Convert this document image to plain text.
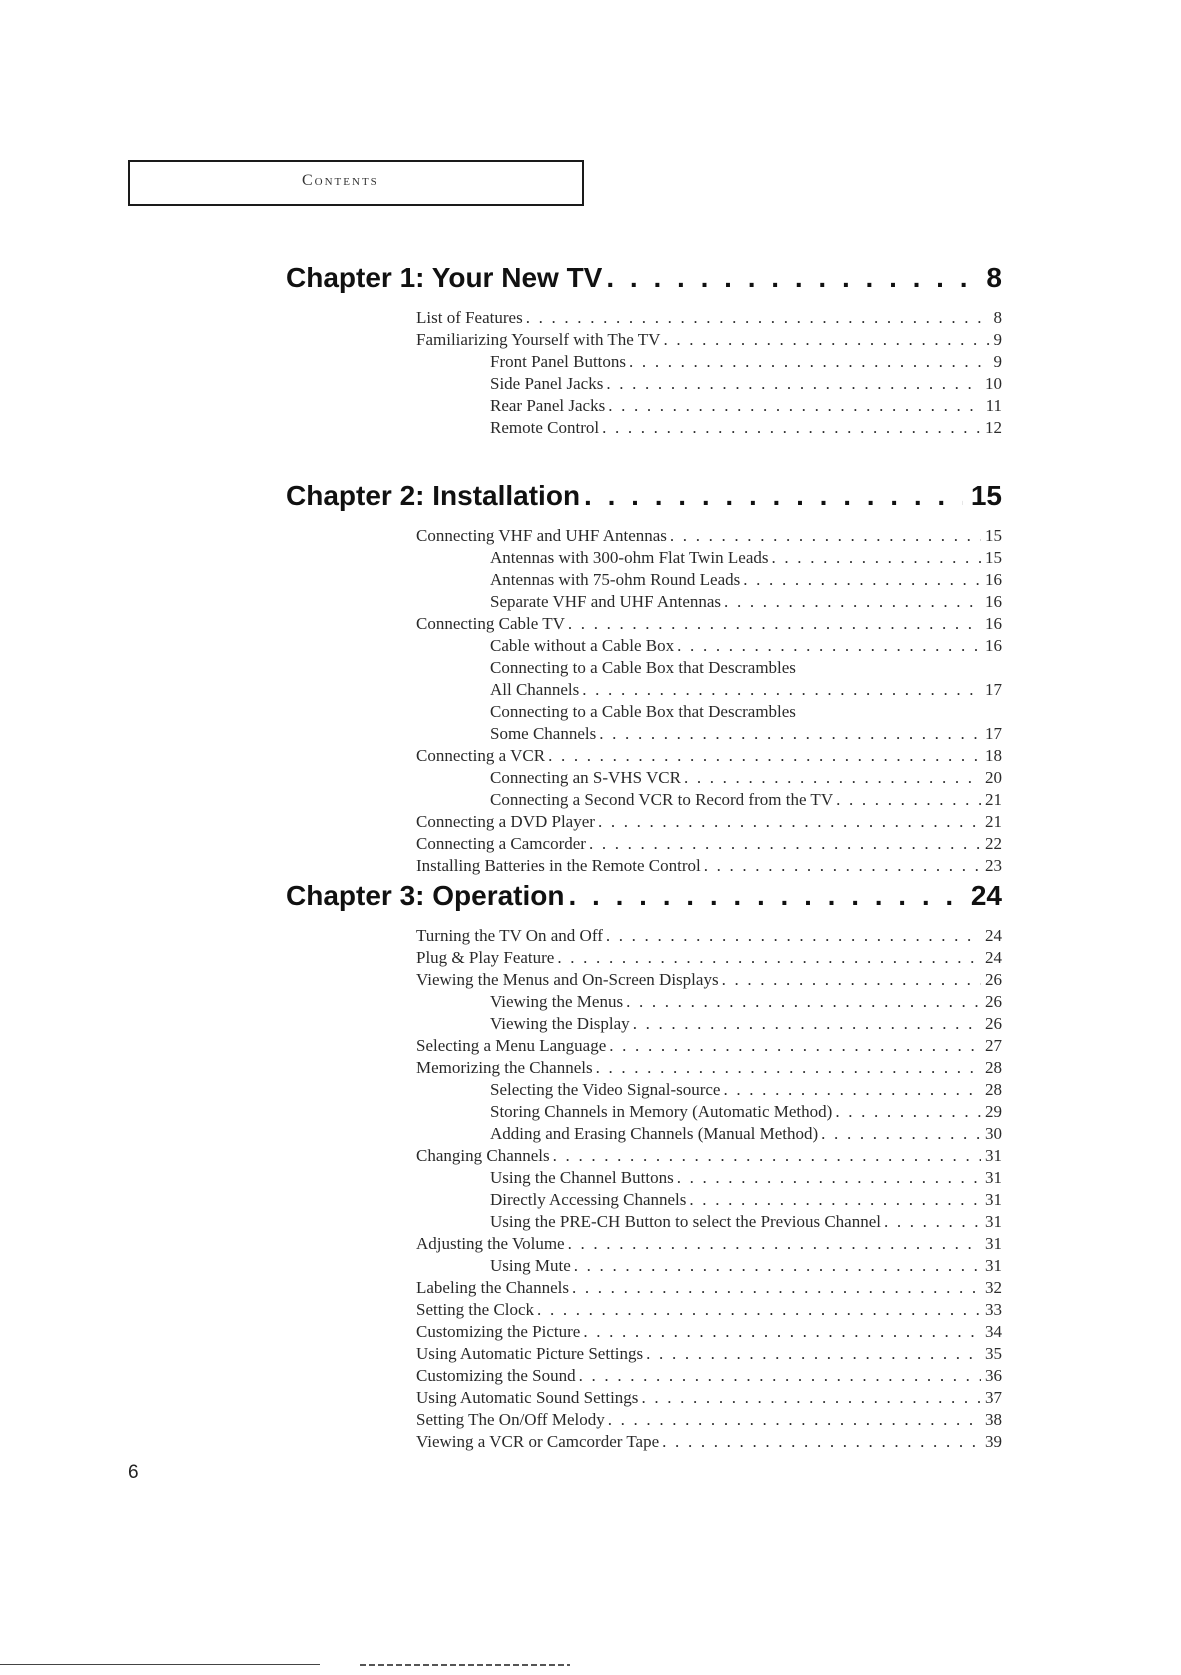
Contents
Chapter 1: Your New TV . . .	8
List of Features . . .	8
Familiarizing Yourself with The TV . . .	9
Front Panel Buttons . . .	9
Side Panel Jacks . . .	10
Rear Panel Jacks . . .	11
Remote Control . . .	12
Chapter 2: Installation . . .	15
Connecting VHF and UHF Antennas . . .	15
Antennas with 300-ohm Flat Twin Leads . . .	15
Antennas with 75-ohm Round Leads . . .	16
Separate VHF and UHF Antennas . . .	16
Connecting Cable TV . . .	16
Cable without a Cable Box . . .	16
Connecting to a Cable Box that Descrambles
All Channels . . .	17
Connecting to a Cable Box that Descrambles
Some Channels . . .	17
Connecting a VCR . . .	18
Connecting an S-VHS VCR . . .	20
Connecting a Second VCR to Record from the TV . . .	21
Connecting a DVD Player . . .	21
Connecting a Camcorder . . .	22
Installing Batteries in the Remote Control . . .	23
Chapter 3: Operation . . .	24
Turning the TV On and Off . . .	24
Plug & Play Feature . . .	24
Viewing the Menus and On-Screen Displays . . .	26
Viewing the Menus . . .	26
Viewing the Display . . .	26
Selecting a Menu Language . . .	27
Memorizing the Channels . . .	28
Selecting the Video Signal-source . . .	28
Storing Channels in Memory (Automatic Method) . . .	29
Adding and Erasing Channels (Manual Method) . . .	30
Changing Channels . . .	31
Using the Channel Buttons . . .	31
Directly Accessing Channels . . .	31
Using the PRE-CH Button to select the Previous Channel . . .	31
Adjusting the Volume . . .	31
Using Mute . . .	31
Labeling the Channels . . .	32
Setting the Clock . . .	33
Customizing the Picture . . .	34
Using Automatic Picture Settings . . .	35
Customizing the Sound . . .	36
Using Automatic Sound Settings . . .	37
Setting The On/Off Melody . . .	38
Viewing a VCR or Camcorder Tape . . .	39
6
